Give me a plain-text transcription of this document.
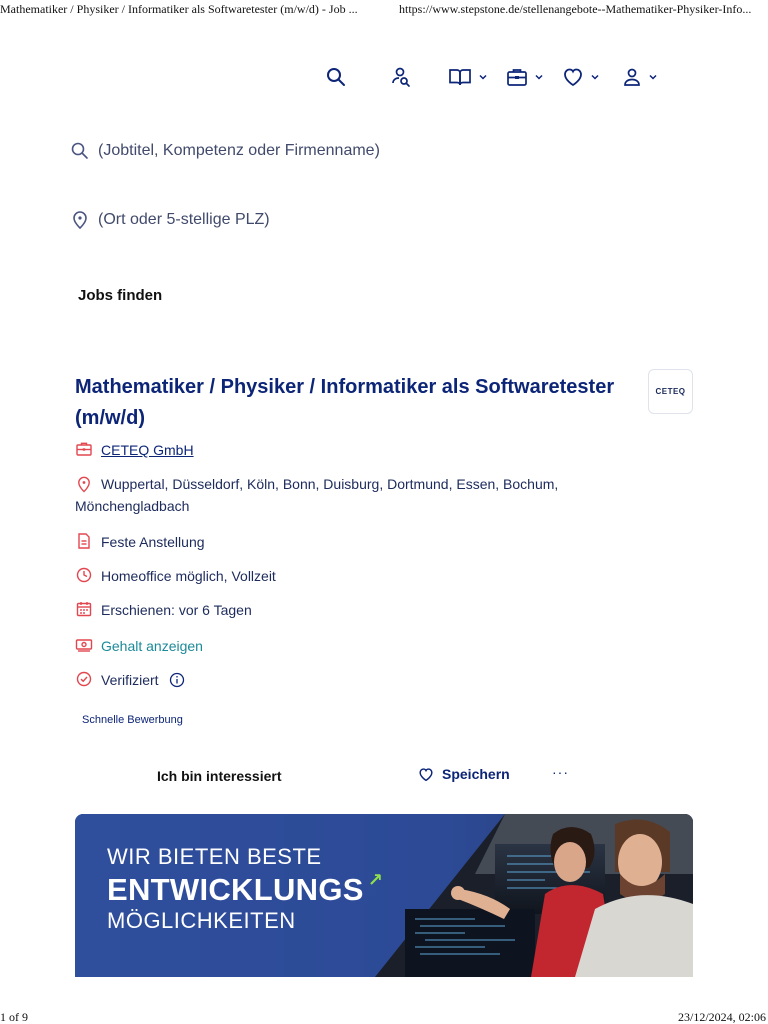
Mathematiker / Physiker / Informatiker als Softwaretester (m/w/d) - Job ...	https://www.stepstone.de/stellenangebote--Mathematiker-Physiker-Info...
(Jobtitel, Kompetenz oder Firmenname)
(Ort oder 5-stellige PLZ)
Jobs finden
Mathematiker / Physiker / Informatiker als Softwaretester (m/w/d)
CETEQ
CETEQ GmbH
Wuppertal, Düsseldorf, Köln, Bonn, Duisburg, Dortmund, Essen, Bochum, Mönchengladbach
Feste Anstellung
Homeoffice möglich, Vollzeit
Erschienen: vor 6 Tagen
Gehalt anzeigen
Verifiziert
Schnelle Bewerbung
Ich bin interessiert	Speichern	···
WIR BIETEN BESTE
ENTWICKLUNGS ↗
MÖGLICHKEITEN
1 of 9	23/12/2024, 02:06
